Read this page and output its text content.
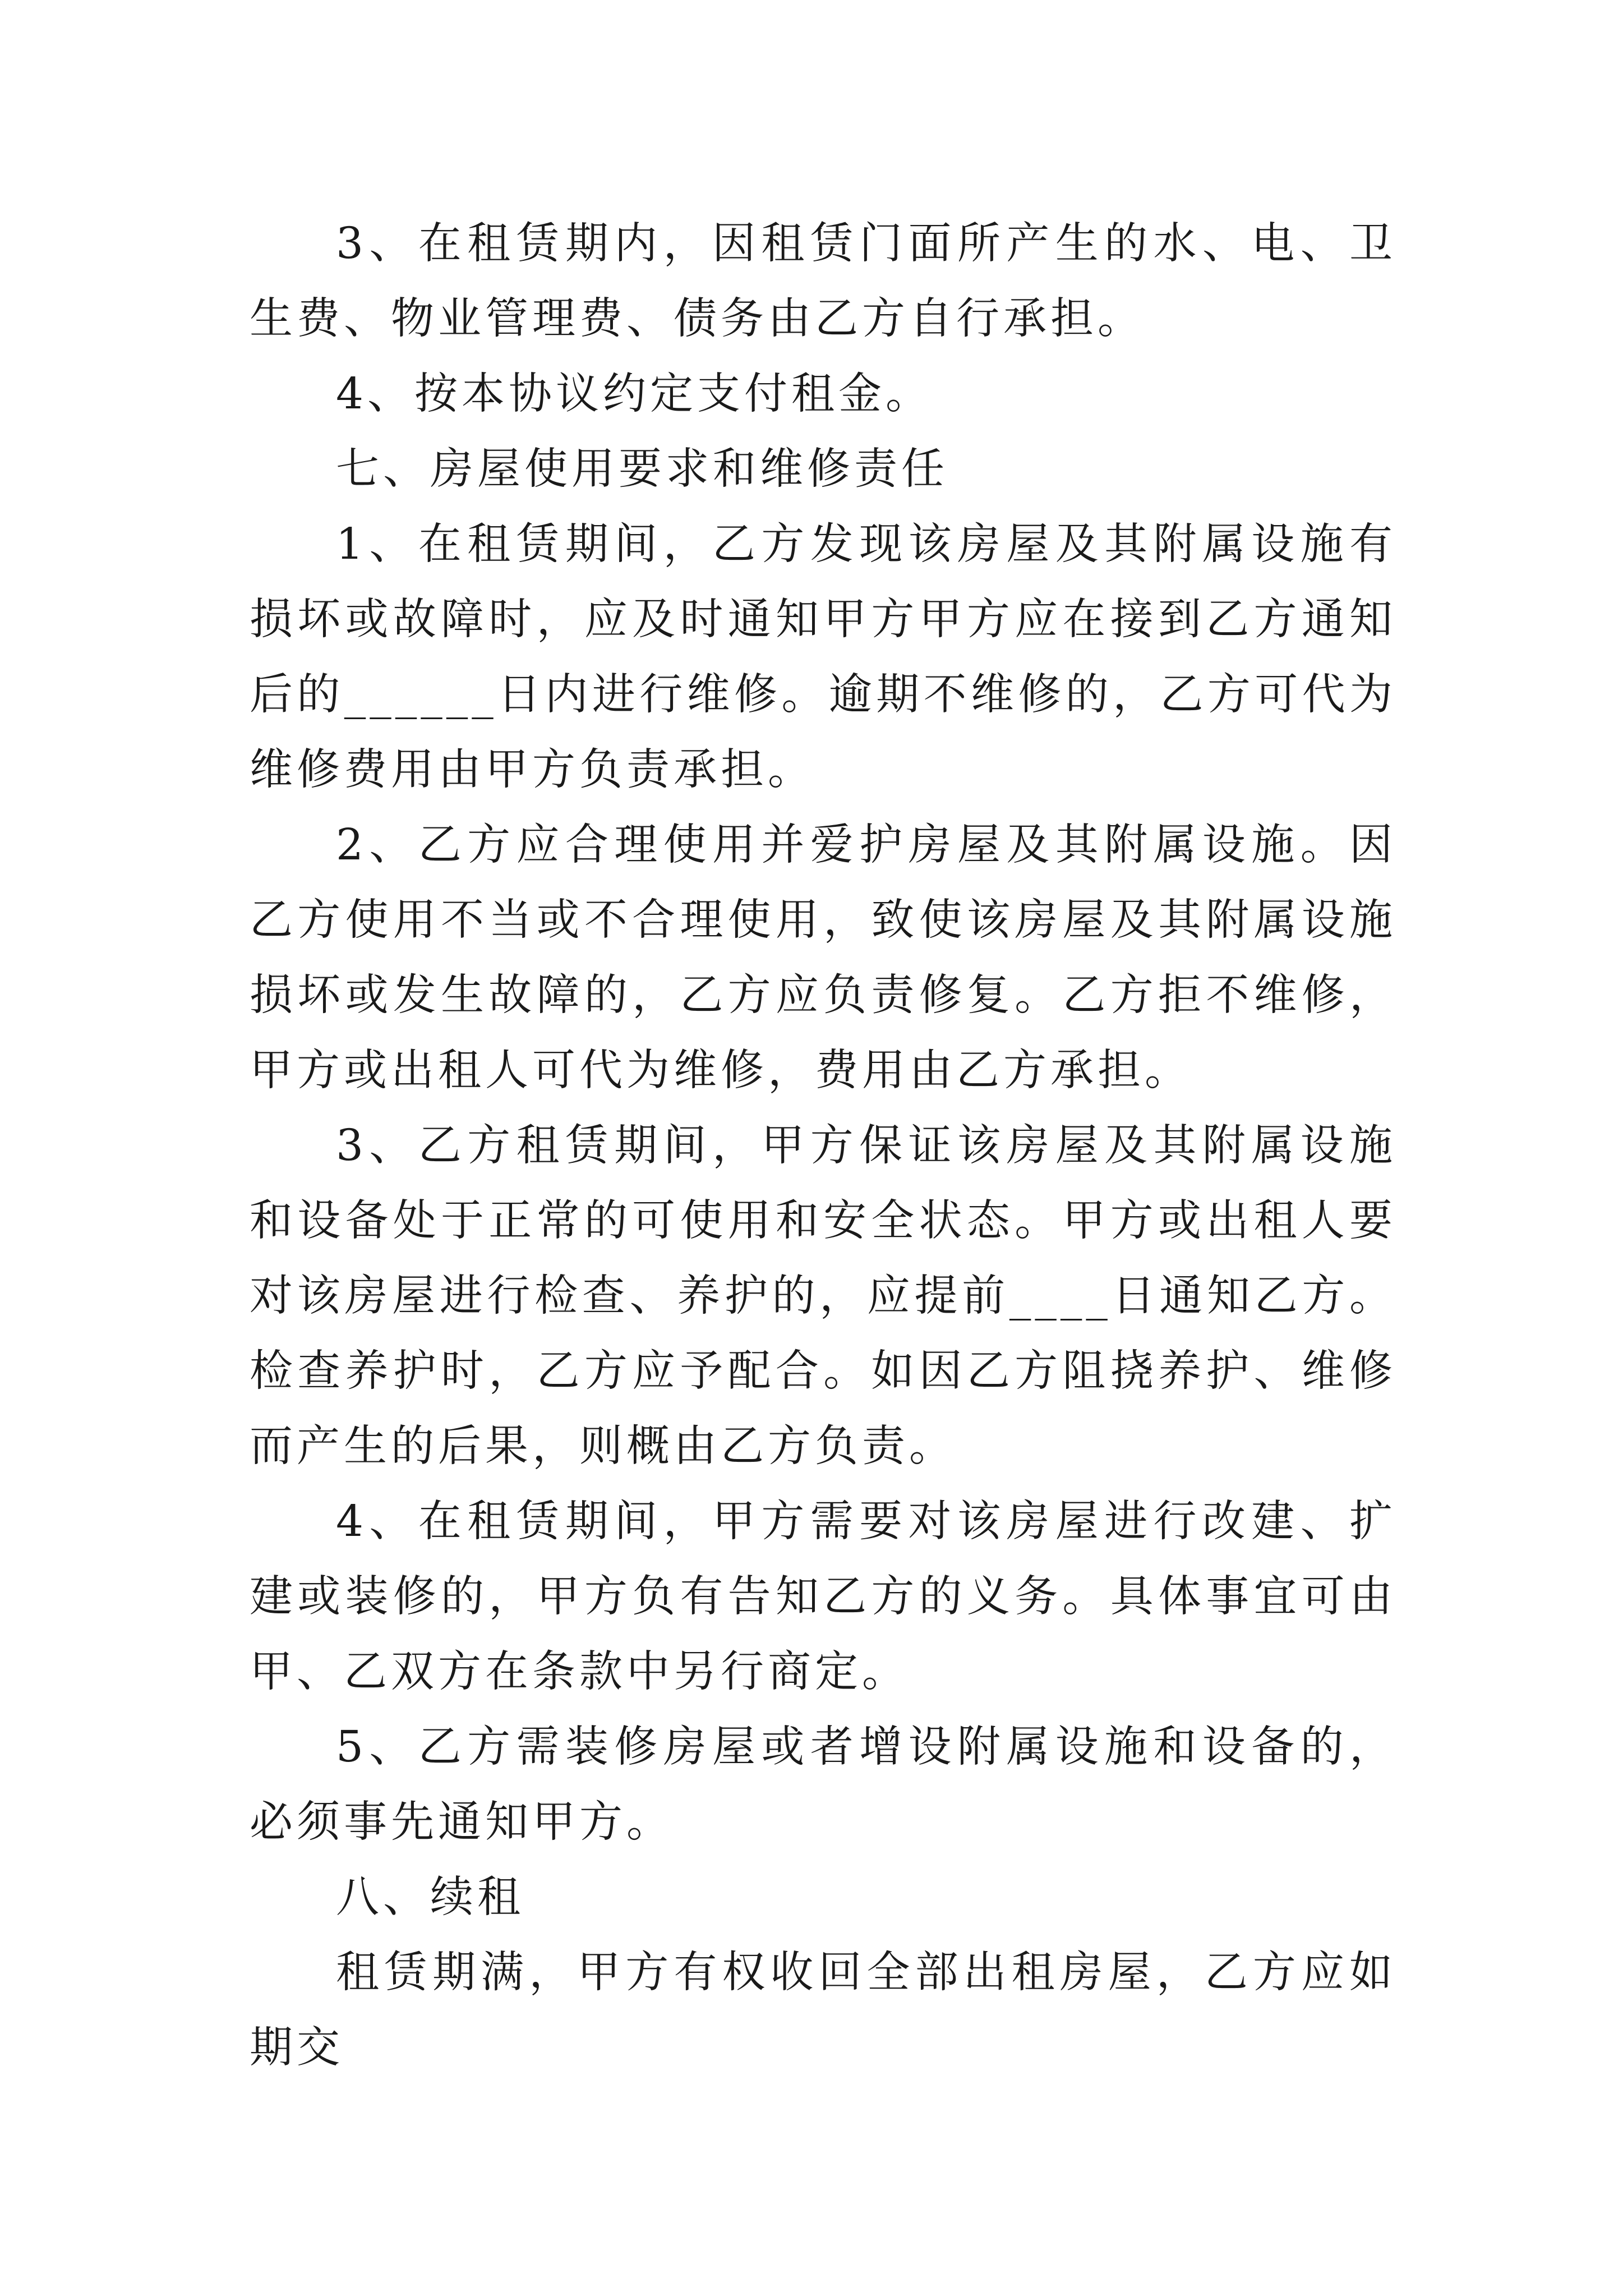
3、在租赁期内，因租赁门面所产生的水、电、卫生费、物业管理费、债务由乙方自行承担。

4、按本协议约定支付租金。

七、房屋使用要求和维修责任

1、在租赁期间，乙方发现该房屋及其附属设施有损坏或故障时，应及时通知甲方甲方应在接到乙方通知后的______日内进行维修。逾期不维修的，乙方可代为维修费用由甲方负责承担。

2、乙方应合理使用并爱护房屋及其附属设施。因乙方使用不当或不合理使用，致使该房屋及其附属设施损坏或发生故障的，乙方应负责修复。乙方拒不维修，甲方或出租人可代为维修，费用由乙方承担。

3、乙方租赁期间，甲方保证该房屋及其附属设施和设备处于正常的可使用和安全状态。甲方或出租人要对该房屋进行检查、养护的，应提前____日通知乙方。检查养护时，乙方应予配合。如因乙方阻挠养护、维修而产生的后果，则概由乙方负责。

4、在租赁期间，甲方需要对该房屋进行改建、扩建或装修的，甲方负有告知乙方的义务。具体事宜可由甲、乙双方在条款中另行商定。

5、乙方需装修房屋或者增设附属设施和设备的，必须事先通知甲方。

八、续租

租赁期满，甲方有权收回全部出租房屋，乙方应如期交
